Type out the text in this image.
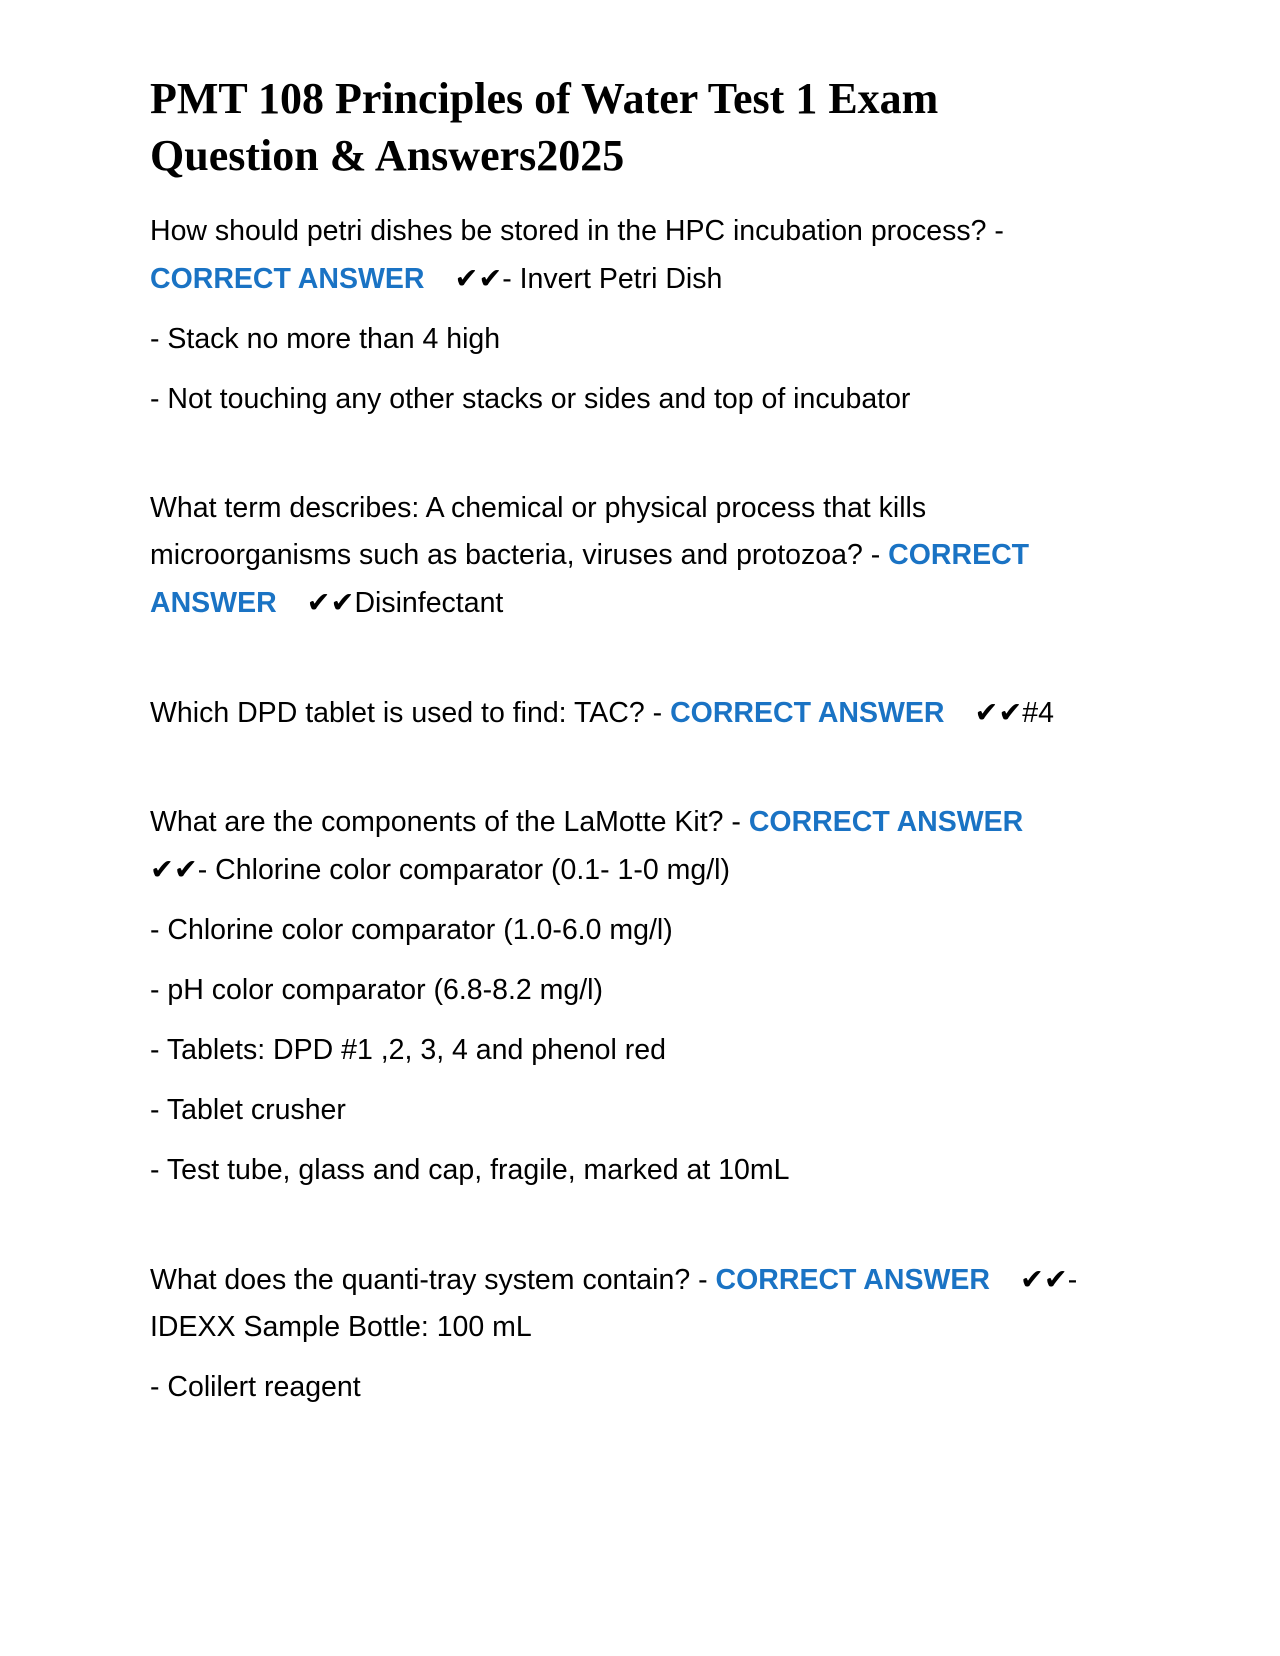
PMT 108 Principles of Water Test 1 Exam
Question & Answers2025

How should petri dishes be stored in the HPC incubation process? -
CORRECT ANSWER ✔✔- Invert Petri Dish

- Stack no more than 4 high

- Not touching any other stacks or sides and top of incubator

What term describes: A chemical or physical process that kills
microorganisms such as bacteria, viruses and protozoa? - CORRECT
ANSWER ✔✔Disinfectant

Which DPD tablet is used to find: TAC? - CORRECT ANSWER ✔✔#4

What are the components of the LaMotte Kit? - CORRECT ANSWER
✔✔- Chlorine color comparator (0.1- 1-0 mg/l)

- Chlorine color comparator (1.0-6.0 mg/l)

- pH color comparator (6.8-8.2 mg/l)

- Tablets: DPD #1 ,2, 3, 4 and phenol red

- Tablet crusher

- Test tube, glass and cap, fragile, marked at 10mL

What does the quanti-tray system contain? - CORRECT ANSWER ✔✔-
IDEXX Sample Bottle: 100 mL

- Colilert reagent
